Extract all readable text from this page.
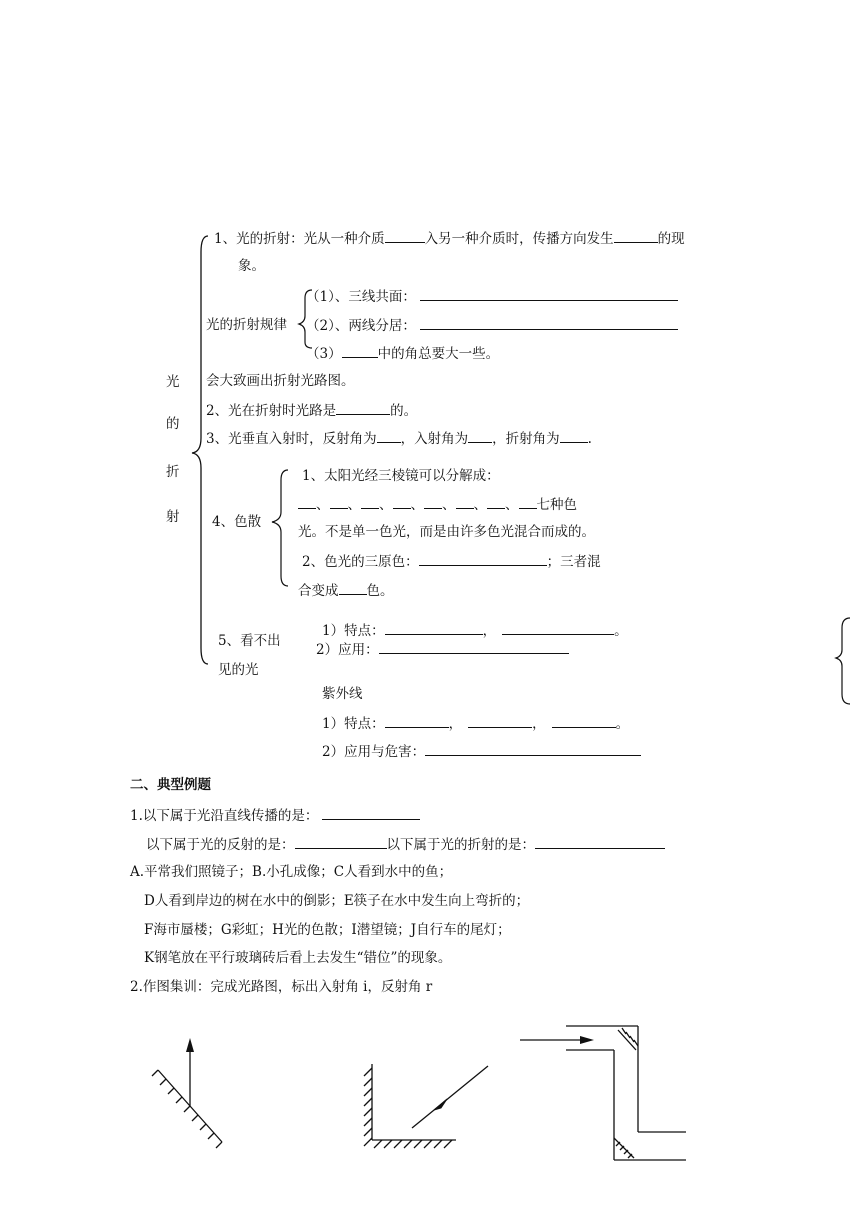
光
的
折
射
1、光的折射：光从一种介质	入另一种介质时，传播方向发生	的现
象。
（1）、三线共面：
光的折射规律 （2）、两线分居：
（3）	中的角总要大一些。
会大致画出折射光路图。
2、光在折射时光路是	的。
3、光垂直入射时，反射角为 ，入射角为 ，折射角为 .
1、太阳光经三棱镜可以分解成：
、 、 、 、 、 、 、 七种色
4、色散
光。不是单一色光，而是由许多色光混合而成的。
2、色光的三原色：	；三者混
合变成 色。
1）特点：	，	。
5、看不出
2）应用：
见的光
紫外线
1）特点：	，	，	。
2）应用与危害：
二、典型例题
1.以下属于光沿直线传播的是：
以下属于光的反射的是：	以下属于光的折射的是：
A.平常我们照镜子；B.小孔成像；C人看到水中的鱼；
D人看到岸边的树在水中的倒影；E筷子在水中发生向上弯折的；
F海市蜃楼；G彩虹；H光的色散；I潜望镜；J自行车的尾灯；
K钢笔放在平行玻璃砖后看上去发生“错位”的现象。
2.作图集训：完成光路图，标出入射角 i，反射角 r
